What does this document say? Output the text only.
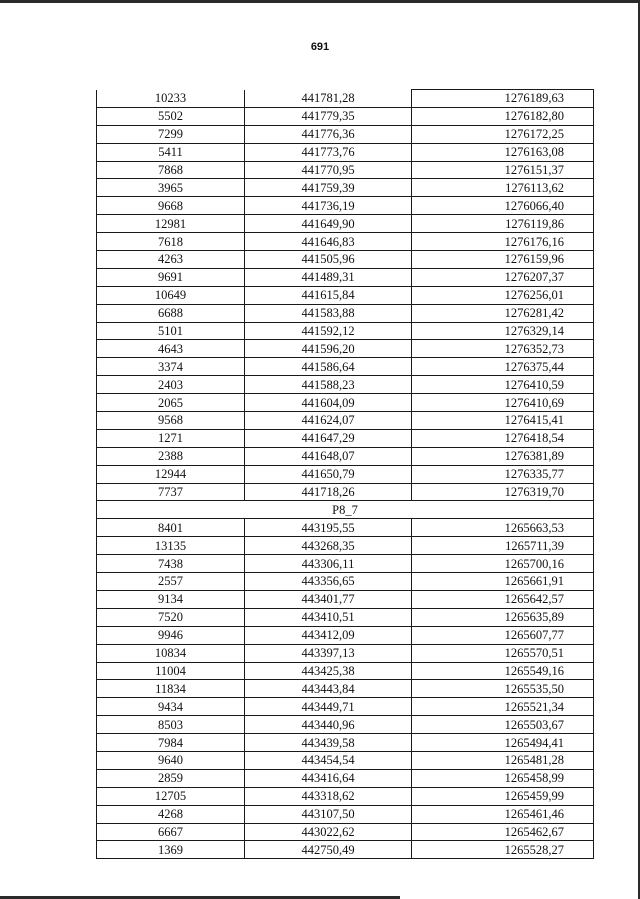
691
10233	441781,28	1276189,63
5502	441779,35	1276182,80
7299	441776,36	1276172,25
5411	441773,76	1276163,08
7868	441770,95	1276151,37
3965	441759,39	1276113,62
9668	441736,19	1276066,40
12981	441649,90	1276119,86
7618	441646,83	1276176,16
4263	441505,96	1276159,96
9691	441489,31	1276207,37
10649	441615,84	1276256,01
6688	441583,88	1276281,42
5101	441592,12	1276329,14
4643	441596,20	1276352,73
3374	441586,64	1276375,44
2403	441588,23	1276410,59
2065	441604,09	1276410,69
9568	441624,07	1276415,41
1271	441647,29	1276418,54
2388	441648,07	1276381,89
12944	441650,79	1276335,77
7737	441718,26	1276319,70
P8_7		
8401	443195,55	1265663,53
13135	443268,35	1265711,39
7438	443306,11	1265700,16
2557	443356,65	1265661,91
9134	443401,77	1265642,57
7520	443410,51	1265635,89
9946	443412,09	1265607,77
10834	443397,13	1265570,51
11004	443425,38	1265549,16
11834	443443,84	1265535,50
9434	443449,71	1265521,34
8503	443440,96	1265503,67
7984	443439,58	1265494,41
9640	443454,54	1265481,28
2859	443416,64	1265458,99
12705	443318,62	1265459,99
4268	443107,50	1265461,46
6667	443022,62	1265462,67
1369	442750,49	1265528,27
